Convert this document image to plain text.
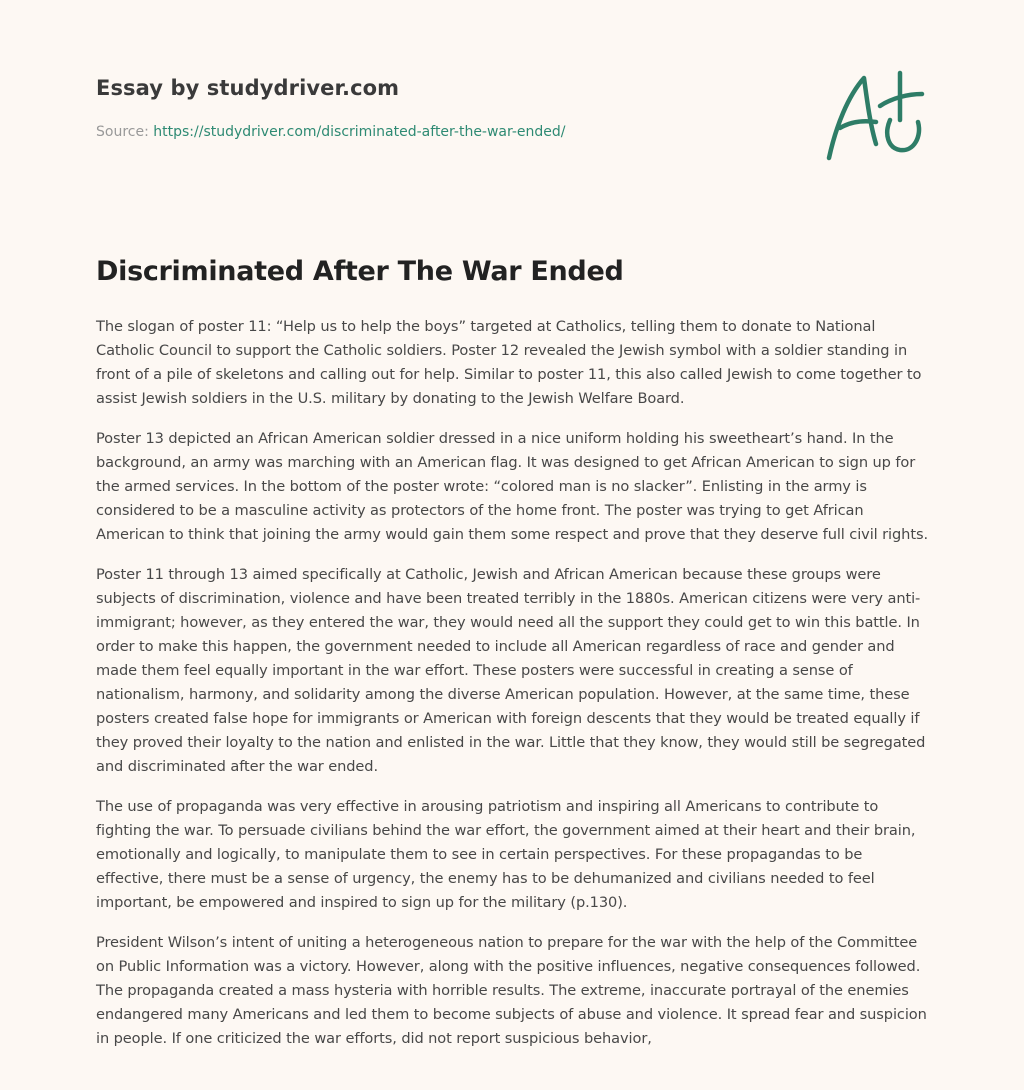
Essay by studydriver.com
Source: https://studydriver.com/discriminated-after-the-war-ended/
Discriminated After The War Ended

The slogan of poster 11: “Help us to help the boys” targeted at Catholics, telling them to donate to National Catholic Council to support the Catholic soldiers. Poster 12 revealed the Jewish symbol with a soldier standing in front of a pile of skeletons and calling out for help. Similar to poster 11, this also called Jewish to come together to assist Jewish soldiers in the U.S. military by donating to the Jewish Welfare Board.

Poster 13 depicted an African American soldier dressed in a nice uniform holding his sweetheart’s hand. In the background, an army was marching with an American flag. It was designed to get African American to sign up for the armed services. In the bottom of the poster wrote: “colored man is no slacker”. Enlisting in the army is considered to be a masculine activity as protectors of the home front. The poster was trying to get African American to think that joining the army would gain them some respect and prove that they deserve full civil rights.

Poster 11 through 13 aimed specifically at Catholic, Jewish and African American because these groups were subjects of discrimination, violence and have been treated terribly in the 1880s. American citizens were very anti-immigrant; however, as they entered the war, they would need all the support they could get to win this battle. In order to make this happen, the government needed to include all American regardless of race and gender and made them feel equally important in the war effort. These posters were successful in creating a sense of nationalism, harmony, and solidarity among the diverse American population. However, at the same time, these posters created false hope for immigrants or American with foreign descents that they would be treated equally if they proved their loyalty to the nation and enlisted in the war. Little that they know, they would still be segregated and discriminated after the war ended.

The use of propaganda was very effective in arousing patriotism and inspiring all Americans to contribute to fighting the war. To persuade civilians behind the war effort, the government aimed at their heart and their brain, emotionally and logically, to manipulate them to see in certain perspectives. For these propagandas to be effective, there must be a sense of urgency, the enemy has to be dehumanized and civilians needed to feel important, be empowered and inspired to sign up for the military (p.130).

President Wilson’s intent of uniting a heterogeneous nation to prepare for the war with the help of the Committee on Public Information was a victory. However, along with the positive influences, negative consequences followed. The propaganda created a mass hysteria with horrible results. The extreme, inaccurate portrayal of the enemies endangered many Americans and led them to become subjects of abuse and violence. It spread fear and suspicion in people. If one criticized the war efforts, did not report suspicious behavior,
